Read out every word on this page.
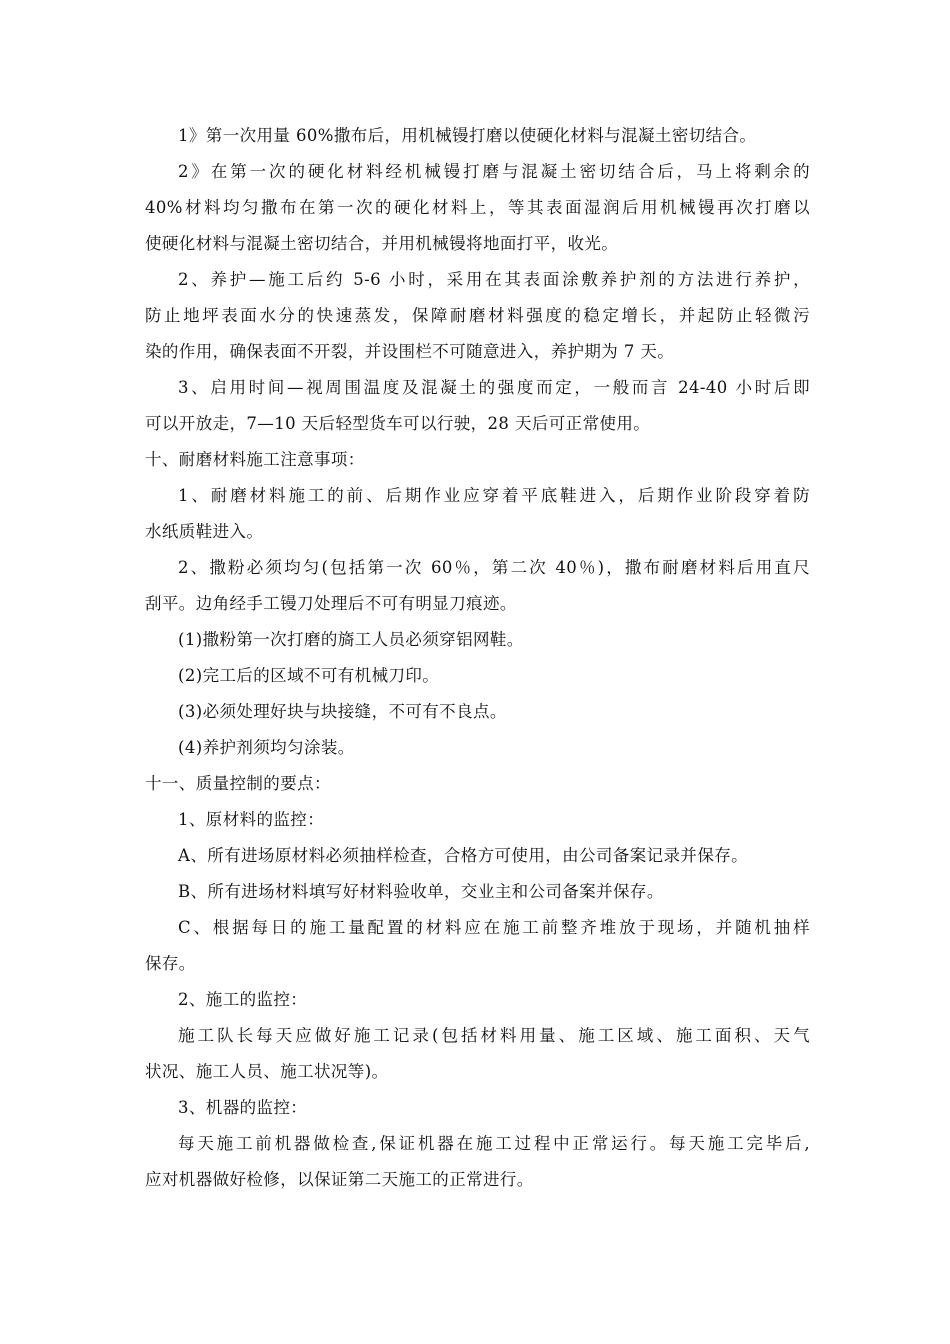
1》第一次用量 60%撒布后，用机械镘打磨以使硬化材料与混凝土密切结合。
2》在第一次的硬化材料经机械镘打磨与混凝土密切结合后，马上将剩余的
40%材料均匀撒布在第一次的硬化材料上，等其表面湿润后用机械镘再次打磨以
使硬化材料与混凝土密切结合，并用机械镘将地面打平，收光。
2、养护—施工后约 5-6 小时，采用在其表面涂敷养护剂的方法进行养护，
防止地坪表面水分的快速蒸发，保障耐磨材料强度的稳定增长，并起防止轻微污
染的作用，确保表面不开裂，并设围栏不可随意进入，养护期为 7 天。
3、启用时间—视周围温度及混凝土的强度而定，一般而言 24-40 小时后即
可以开放走，7—10 天后轻型货车可以行驶，28 天后可正常使用。
十、耐磨材料施工注意事项：
1、耐磨材料施工的前、后期作业应穿着平底鞋进入，后期作业阶段穿着防
水纸质鞋进入。
2、撒粉必须均匀(包括第一次 60％，第二次 40％)，撒布耐磨材料后用直尺
刮平。边角经手工镘刀处理后不可有明显刀痕迹。
(1)撒粉第一次打磨的旖工人员必须穿铝网鞋。
(2)完工后的区域不可有机械刀印。
(3)必须处理好块与块接缝，不可有不良点。
(4)养护剂须均匀涂装。
十一、质量控制的要点：
1、原材料的监控：
A、所有进场原材料必须抽样检查，合格方可使用，由公司备案记录并保存。
B、所有进场材料填写好材料验收单，交业主和公司备案并保存。
C、根据每日的施工量配置的材料应在施工前整齐堆放于现场，并随机抽样
保存。
2、施工的监控：
施工队长每天应做好施工记录(包括材料用量、施工区域、施工面积、天气
状况、施工人员、施工状况等)。
3、机器的监控：
每天施工前机器做检查,保证机器在施工过程中正常运行。每天施工完毕后,
应对机器做好检修，以保证第二天施工的正常进行。
